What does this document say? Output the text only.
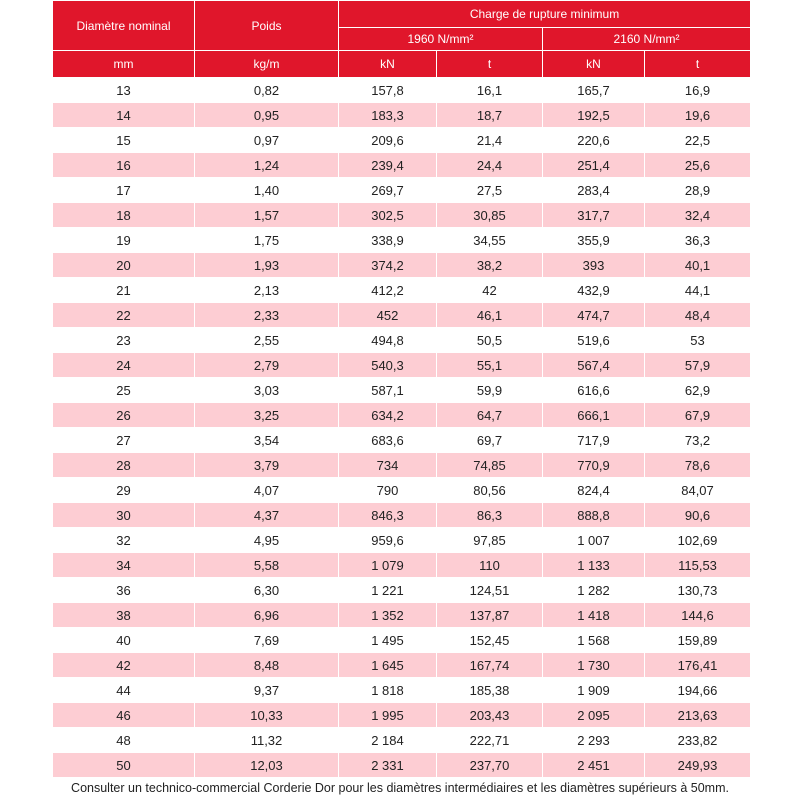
Diamètre nominal	Poids	Charge de rupture minimum			
		1960 N/mm²		2160 N/mm²	
mm	kg/m	kN	t	kN	t
13	0,82	157,8	16,1	165,7	16,9
14	0,95	183,3	18,7	192,5	19,6
15	0,97	209,6	21,4	220,6	22,5
16	1,24	239,4	24,4	251,4	25,6
17	1,40	269,7	27,5	283,4	28,9
18	1,57	302,5	30,85	317,7	32,4
19	1,75	338,9	34,55	355,9	36,3
20	1,93	374,2	38,2	393	40,1
21	2,13	412,2	42	432,9	44,1
22	2,33	452	46,1	474,7	48,4
23	2,55	494,8	50,5	519,6	53
24	2,79	540,3	55,1	567,4	57,9
25	3,03	587,1	59,9	616,6	62,9
26	3,25	634,2	64,7	666,1	67,9
27	3,54	683,6	69,7	717,9	73,2
28	3,79	734	74,85	770,9	78,6
29	4,07	790	80,56	824,4	84,07
30	4,37	846,3	86,3	888,8	90,6
32	4,95	959,6	97,85	1 007	102,69
34	5,58	1 079	110	1 133	115,53
36	6,30	1 221	124,51	1 282	130,73
38	6,96	1 352	137,87	1 418	144,6
40	7,69	1 495	152,45	1 568	159,89
42	8,48	1 645	167,74	1 730	176,41
44	9,37	1 818	185,38	1 909	194,66
46	10,33	1 995	203,43	2 095	213,63
48	11,32	2 184	222,71	2 293	233,82
50	12,03	2 331	237,70	2 451	249,93
Consulter un technico-commercial Corderie Dor pour les diamètres intermédiaires et les diamètres supérieurs à 50mm.
